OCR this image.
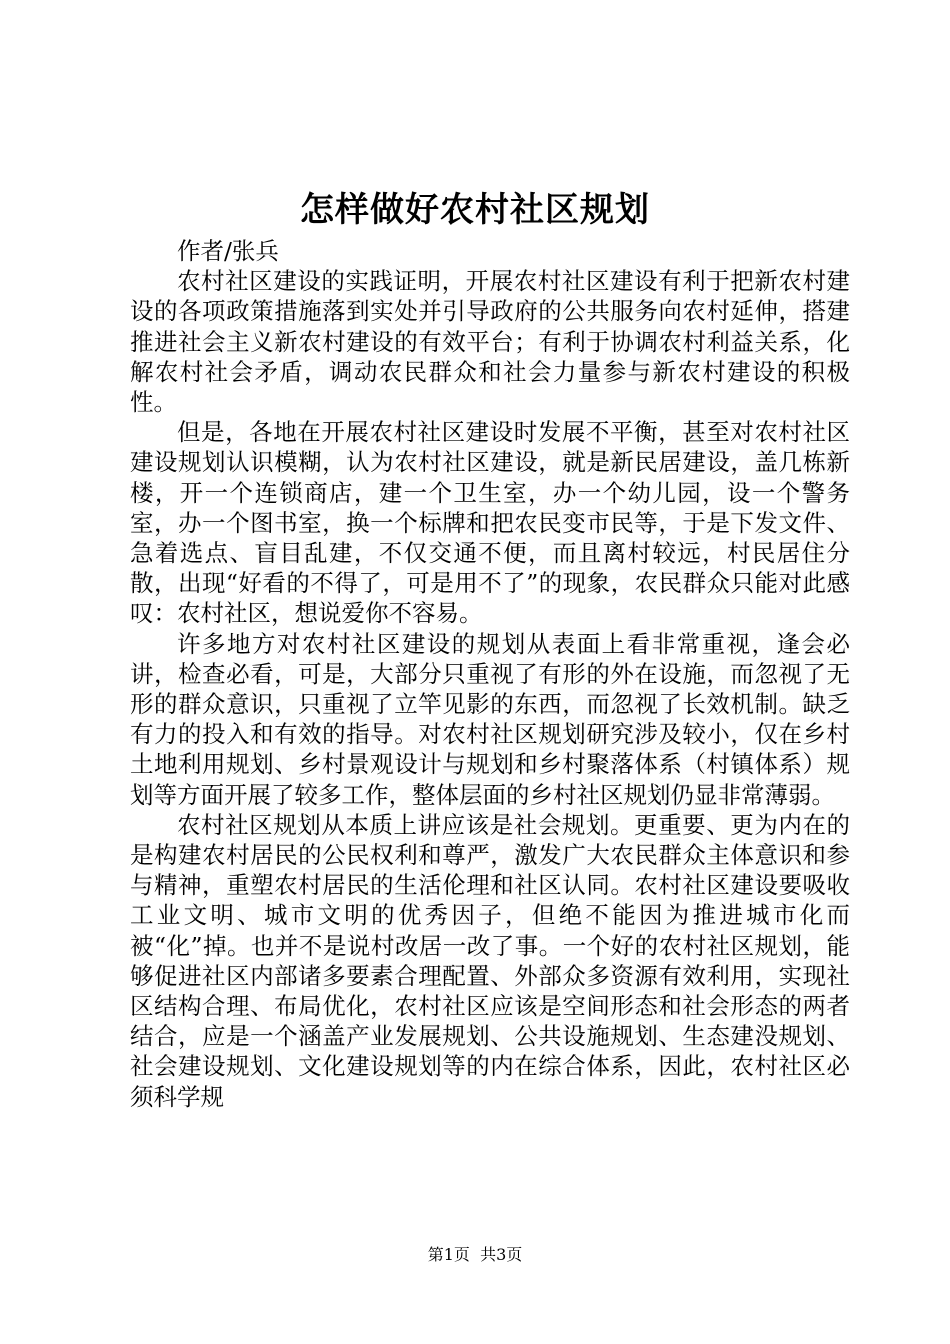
怎样做好农村社区规划

作者/张兵

农村社区建设的实践证明，开展农村社区建设有利于把新农村建设的各项政策措施落到实处并引导政府的公共服务向农村延伸，搭建推进社会主义新农村建设的有效平台；有利于协调农村利益关系，化解农村社会矛盾，调动农民群众和社会力量参与新农村建设的积极性。

但是，各地在开展农村社区建设时发展不平衡，甚至对农村社区建设规划认识模糊，认为农村社区建设，就是新民居建设，盖几栋新楼，开一个连锁商店，建一个卫生室，办一个幼儿园，设一个警务室，办一个图书室，换一个标牌和把农民变市民等，于是下发文件、急着选点、盲目乱建，不仅交通不便，而且离村较远，村民居住分散，出现“好看的不得了，可是用不了”的现象，农民群众只能对此感叹：农村社区，想说爱你不容易。

许多地方对农村社区建设的规划从表面上看非常重视，逢会必讲，检查必看，可是，大部分只重视了有形的外在设施，而忽视了无形的群众意识，只重视了立竿见影的东西，而忽视了长效机制。缺乏有力的投入和有效的指导。对农村社区规划研究涉及较小，仅在乡村土地利用规划、乡村景观设计与规划和乡村聚落体系（村镇体系）规划等方面开展了较多工作，整体层面的乡村社区规划仍显非常薄弱。

农村社区规划从本质上讲应该是社会规划。更重要、更为内在的是构建农村居民的公民权利和尊严，激发广大农民群众主体意识和参与精神，重塑农村居民的生活伦理和社区认同。农村社区建设要吸收工业文明、城市文明的优秀因子，但绝不能因为推进城市化而被“化”掉。也并不是说村改居一改了事。一个好的农村社区规划，能够促进社区内部诸多要素合理配置、外部众多资源有效利用，实现社区结构合理、布局优化，农村社区应该是空间形态和社会形态的两者结合，应是一个涵盖产业发展规划、公共设施规划、生态建没规划、社会建设规划、文化建设规划等的内在综合体系，因此，农村社区必须科学规

第1页 共3页
